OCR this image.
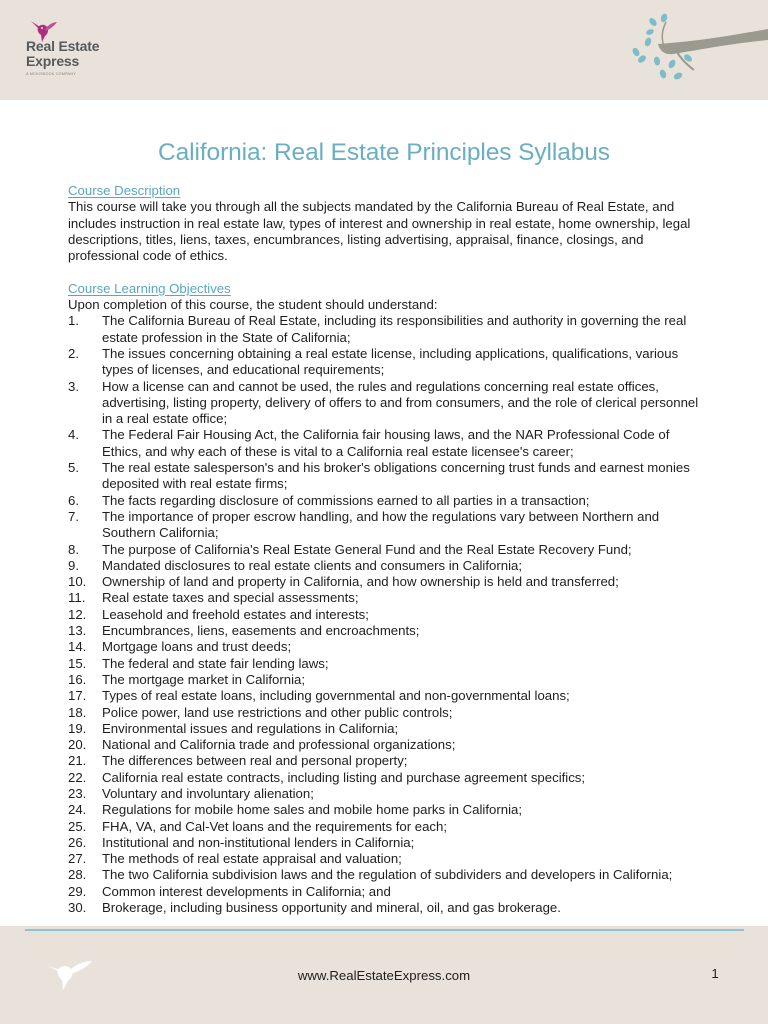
Real Estate
Express
A MCKISSOCK COMPANY
California: Real Estate Principles Syllabus
Course Description

This course will take you through all the subjects mandated by the California Bureau of Real Estate, and includes instruction in real estate law, types of interest and ownership in real estate, home ownership, legal descriptions, titles, liens, taxes, encumbrances, listing advertising, appraisal, finance, closings, and professional code of ethics.

Course Learning Objectives

Upon completion of this course, the student should understand:

1.	The California Bureau of Real Estate, including its responsibilities and authority in governing the real estate profession in the State of California;
2.	The issues concerning obtaining a real estate license, including applications, qualifications, various types of licenses, and educational requirements;
3.	How a license can and cannot be used, the rules and regulations concerning real estate offices, advertising, listing property, delivery of offers to and from consumers, and the role of clerical personnel in a real estate office;
4.	The Federal Fair Housing Act, the California fair housing laws, and the NAR Professional Code of Ethics, and why each of these is vital to a California real estate licensee's career;
5.	The real estate salesperson's and his broker's obligations concerning trust funds and earnest monies deposited with real estate firms;
6.	The facts regarding disclosure of commissions earned to all parties in a transaction;
7.	The importance of proper escrow handling, and how the regulations vary between Northern and Southern California;
8.	The purpose of California's Real Estate General Fund and the Real Estate Recovery Fund;
9.	Mandated disclosures to real estate clients and consumers in California;
10.	Ownership of land and property in California, and how ownership is held and transferred;
11.	Real estate taxes and special assessments;
12.	Leasehold and freehold estates and interests;
13.	Encumbrances, liens, easements and encroachments;
14.	Mortgage loans and trust deeds;
15.	The federal and state fair lending laws;
16.	The mortgage market in California;
17.	Types of real estate loans, including governmental and non-governmental loans;
18.	Police power, land use restrictions and other public controls;
19.	Environmental issues and regulations in California;
20.	National and California trade and professional organizations;
21.	The differences between real and personal property;
22.	California real estate contracts, including listing and purchase agreement specifics;
23.	Voluntary and involuntary alienation;
24.	Regulations for mobile home sales and mobile home parks in California;
25.	FHA, VA, and Cal-Vet loans and the requirements for each;
26.	Institutional and non-institutional lenders in California;
27.	The methods of real estate appraisal and valuation;
28.	The two California subdivision laws and the regulation of subdividers and developers in California;
29.	Common interest developments in California; and
30.	Brokerage, including business opportunity and mineral, oil, and gas brokerage.
www.RealEstateExpress.com	1
